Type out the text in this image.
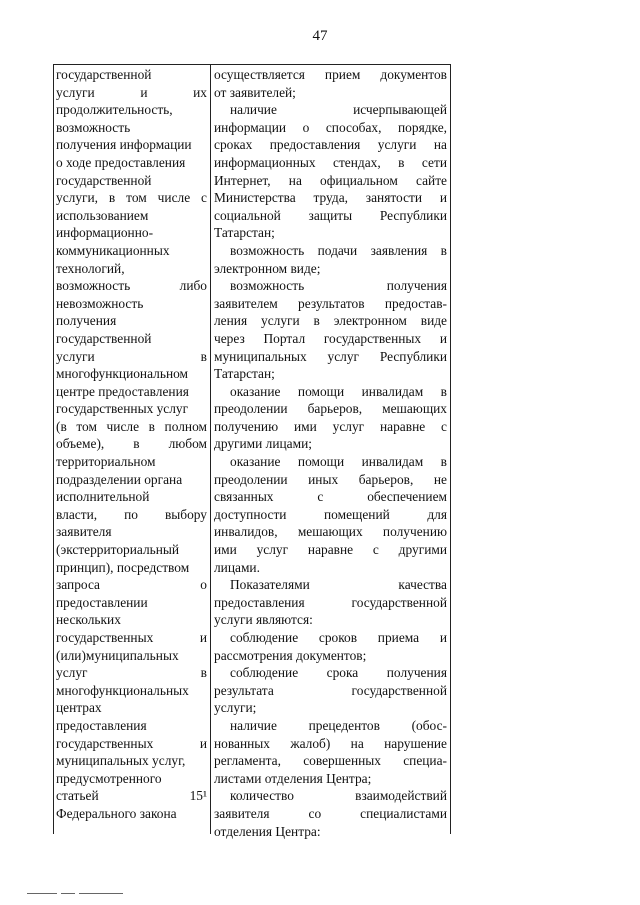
47
государственной
услуги и их
продолжительность,
возможность
получения информации
о ходе предоставления
государственной
услуги, в том числе с
использованием
информационно-
коммуникационных
технологий,
возможность либо
невозможность
получения
государственной
услуги в
многофункциональном
центре предоставления
государственных услуг
(в том числе в полном
объеме), в любом
территориальном
подразделении органа
исполнительной
власти, по выбору
заявителя
(экстерриториальный
принцип), посредством
запроса о
предоставлении
нескольких
государственных и
(или)муниципальных
услуг в
многофункциональных
центрах
предоставления
государственных и
муниципальных услуг,
предусмотренного
статьей 15¹
Федерального закона
осуществляется прием документов
от заявителей;
наличие исчерпывающей
информации о способах, порядке,
сроках предоставления услуги на
информационных стендах, в сети
Интернет, на официальном сайте
Министерства труда, занятости и
социальной защиты Республики
Татарстан;
возможность подачи заявления в
электронном виде;
возможность получения
заявителем результатов предостав-
ления услуги в электронном виде
через Портал государственных и
муниципальных услуг Республики
Татарстан;
оказание помощи инвалидам в
преодолении барьеров, мешающих
получению ими услуг наравне с
другими лицами;
оказание помощи инвалидам в
преодолении иных барьеров, не
связанных с обеспечением
доступности помещений для
инвалидов, мешающих получению
ими услуг наравне с другими
лицами.
Показателями качества
предоставления государственной
услуги являются:
соблюдение сроков приема и
рассмотрения документов;
соблюдение срока получения
результата государственной
услуги;
наличие прецедентов (обос-
нованных жалоб) на нарушение
регламента, совершенных специа-
листами отделения Центра;
количество взаимодействий
заявителя со специалистами
отделения Центра:
